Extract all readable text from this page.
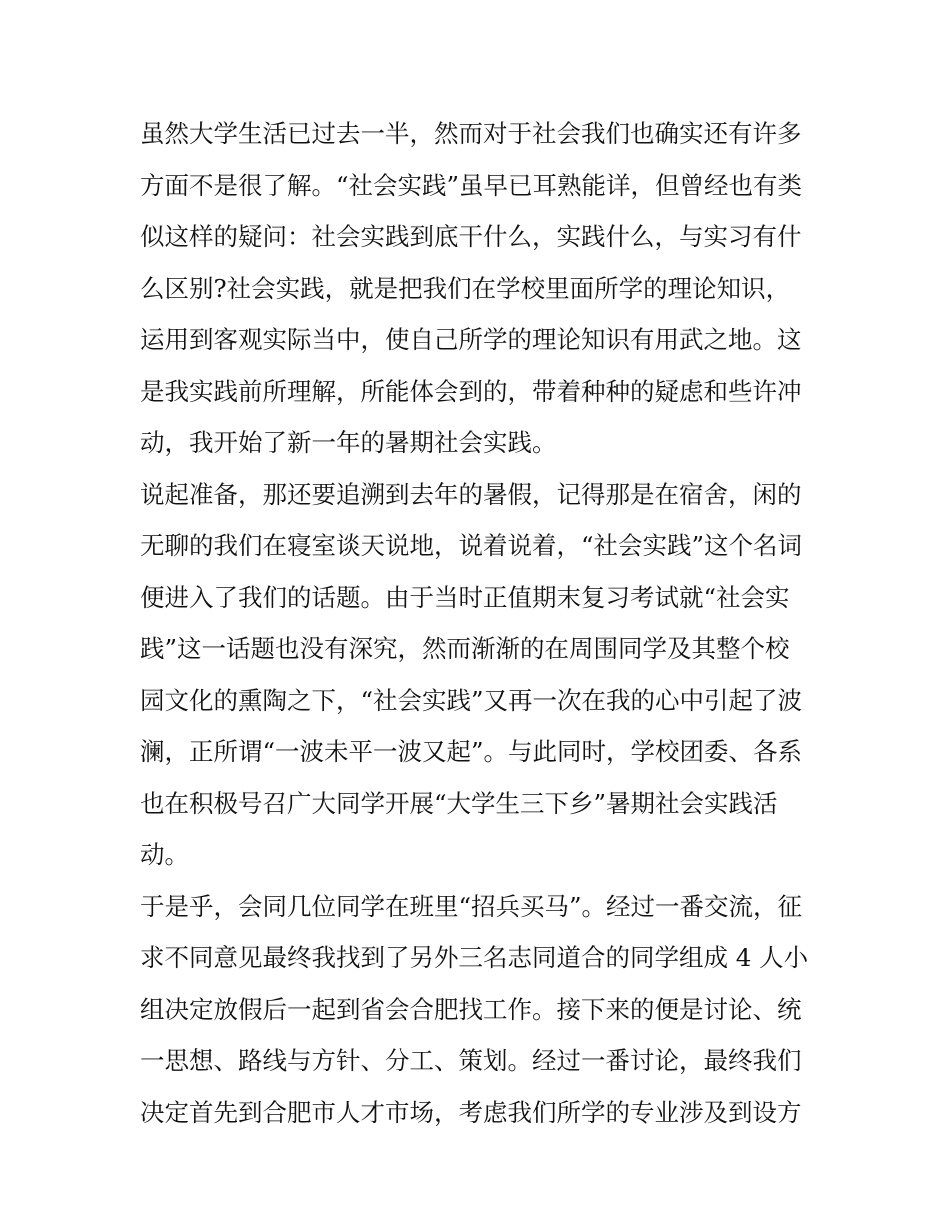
虽然大学生活已过去一半，然而对于社会我们也确实还有许多
方面不是很了解。“社会实践”虽早已耳熟能详，但曾经也有类
似这样的疑问：社会实践到底干什么，实践什么，与实习有什
么区别?社会实践，就是把我们在学校里面所学的理论知识，
运用到客观实际当中，使自己所学的理论知识有用武之地。这
是我实践前所理解，所能体会到的，带着种种的疑虑和些许冲
动，我开始了新一年的暑期社会实践。
说起准备，那还要追溯到去年的暑假，记得那是在宿舍，闲的
无聊的我们在寝室谈天说地，说着说着，“社会实践”这个名词
便进入了我们的话题。由于当时正值期末复习考试就“社会实
践”这一话题也没有深究，然而渐渐的在周围同学及其整个校
园文化的熏陶之下，“社会实践”又再一次在我的心中引起了波
澜，正所谓“一波未平一波又起”。与此同时，学校团委、各系
也在积极号召广大同学开展“大学生三下乡”暑期社会实践活
动。
于是乎，会同几位同学在班里“招兵买马”。经过一番交流，征
求不同意见最终我找到了另外三名志同道合的同学组成 4 人小
组决定放假后一起到省会合肥找工作。接下来的便是讨论、统
一思想、路线与方针、分工、策划。经过一番讨论，最终我们
决定首先到合肥市人才市场，考虑我们所学的专业涉及到设方
